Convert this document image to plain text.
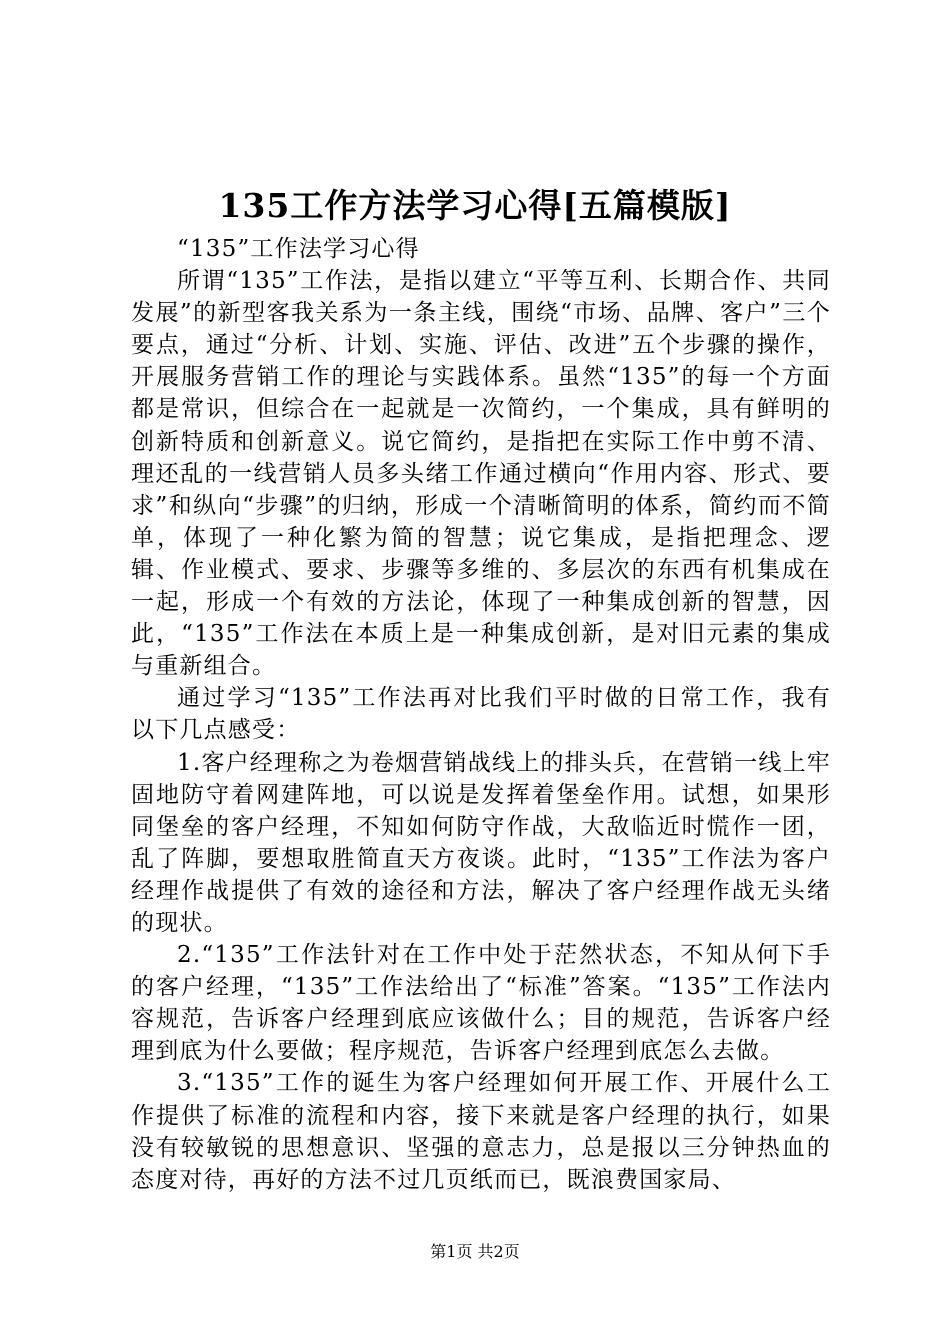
135工作方法学习心得[五篇模版]

“135”工作法学习心得

所谓“135”工作法，是指以建立“平等互利、长期合作、共同发展”的新型客我关系为一条主线，围绕“市场、品牌、客户”三个要点，通过“分析、计划、实施、评估、改进”五个步骤的操作，开展服务营销工作的理论与实践体系。虽然“135”的每一个方面都是常识，但综合在一起就是一次简约，一个集成，具有鲜明的创新特质和创新意义。说它简约，是指把在实际工作中剪不清、理还乱的一线营销人员多头绪工作通过横向“作用内容、形式、要求”和纵向“步骤”的归纳，形成一个清晰简明的体系，简约而不简单，体现了一种化繁为简的智慧；说它集成，是指把理念、逻辑、作业模式、要求、步骤等多维的、多层次的东西有机集成在一起，形成一个有效的方法论，体现了一种集成创新的智慧，因此，“135”工作法在本质上是一种集成创新，是对旧元素的集成与重新组合。

通过学习“135”工作法再对比我们平时做的日常工作，我有以下几点感受：

1.客户经理称之为卷烟营销战线上的排头兵，在营销一线上牢固地防守着网建阵地，可以说是发挥着堡垒作用。试想，如果形同堡垒的客户经理，不知如何防守作战，大敌临近时慌作一团，乱了阵脚，要想取胜简直天方夜谈。此时，“135”工作法为客户经理作战提供了有效的途径和方法，解决了客户经理作战无头绪的现状。

2.“135”工作法针对在工作中处于茫然状态，不知从何下手的客户经理，“135”工作法给出了“标准”答案。“135”工作法内容规范，告诉客户经理到底应该做什么；目的规范，告诉客户经理到底为什么要做；程序规范，告诉客户经理到底怎么去做。

3.“135”工作的诞生为客户经理如何开展工作、开展什么工作提供了标准的流程和内容，接下来就是客户经理的执行，如果没有较敏锐的思想意识、坚强的意志力，总是报以三分钟热血的态度对待，再好的方法不过几页纸而已，既浪费国家局、

第1页 共2页
